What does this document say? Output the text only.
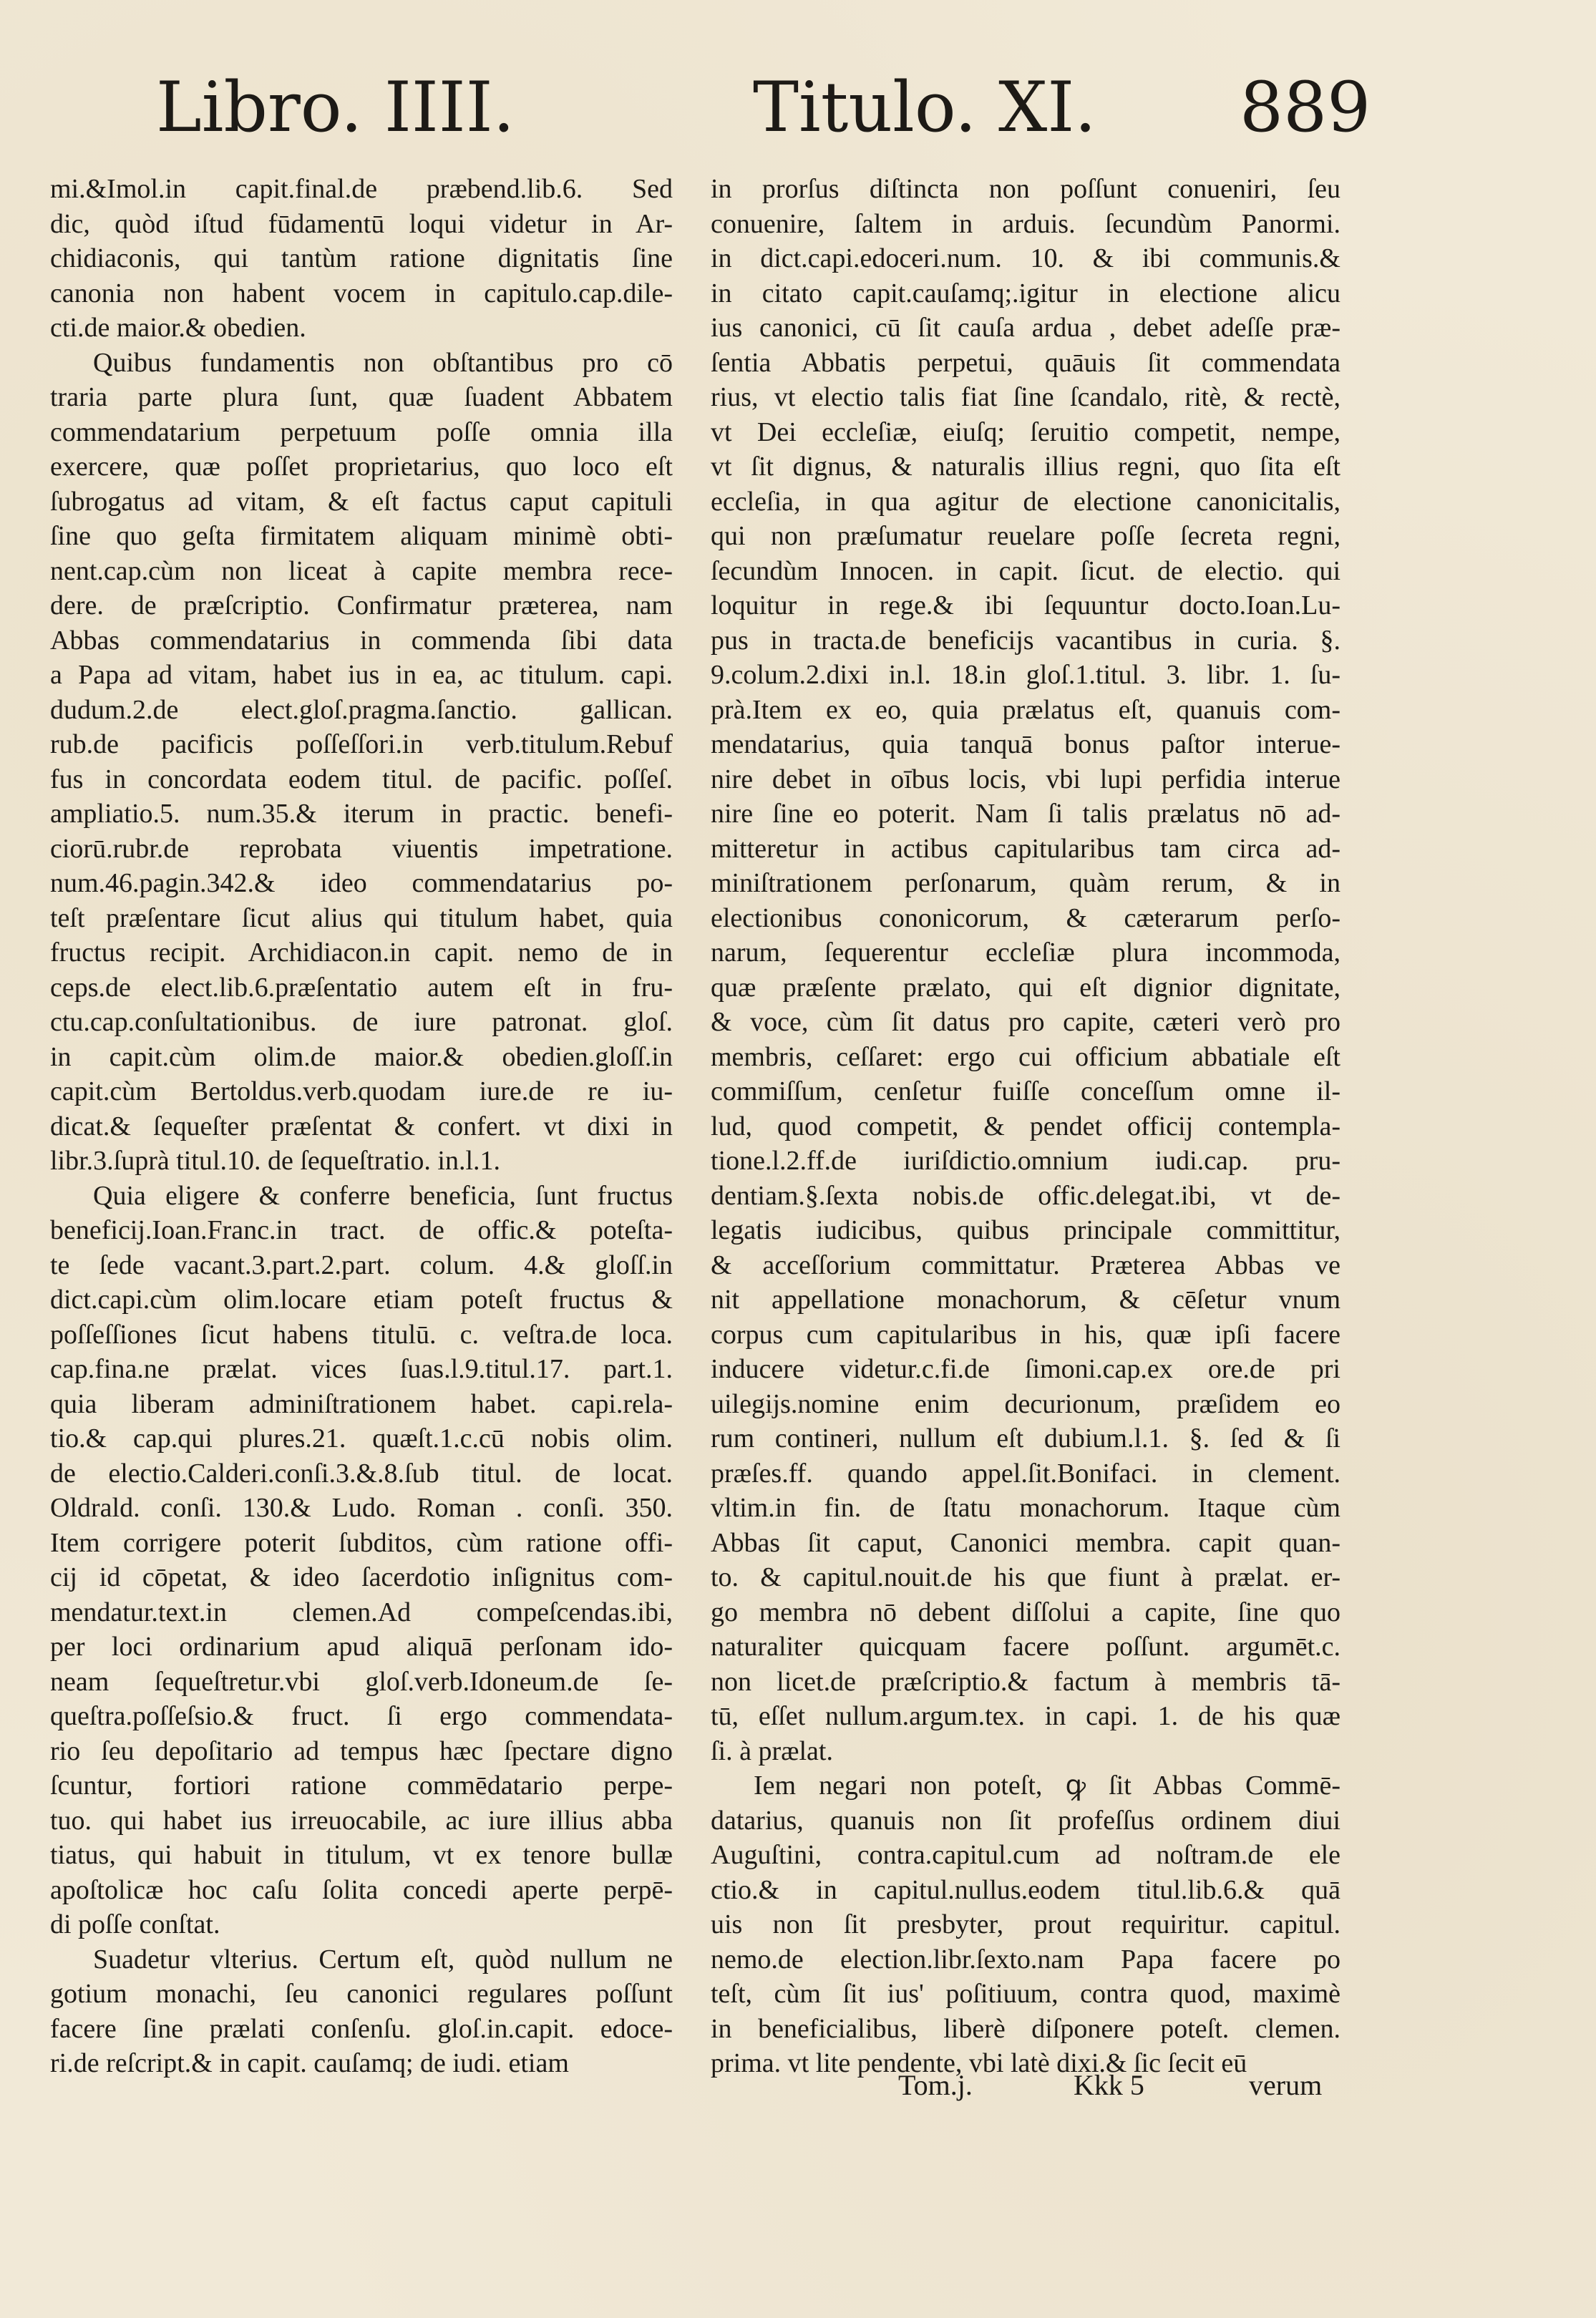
Libro. IIII.	Titulo. XI. 889
mi.&Imol.in capit.final.de præbend.lib.6. Sed
dic, quòd iſtud fūdamentū loqui videtur in Ar-
chidiaconis, qui tantùm ratione dignitatis ſine
canonia non habent vocem in capitulo.cap.dile-
cti.de maior.& obedien.
Quibus fundamentis non obſtantibus pro cō
traria parte plura ſunt, quæ ſuadent Abbatem
commendatarium perpetuum poſſe omnia illa
exercere, quæ poſſet proprietarius, quo loco eſt
ſubrogatus ad vitam, & eſt factus caput capituli
ſine quo geſta firmitatem aliquam minimè obti-
nent.cap.cùm non liceat à capite membra rece-
dere. de præſcriptio. Confirmatur præterea, nam
Abbas commendatarius in commenda ſibi data
a Papa ad vitam, habet ius in ea, ac titulum. capi.
dudum.2.de elect.gloſ.pragma.ſanctio. gallican.
rub.de pacificis poſſeſſori.in verb.titulum.Rebuf
fus in concordata eodem titul. de pacific. poſſeſ.
ampliatio.5. num.35.& iterum in practic. benefi-
ciorū.rubr.de reprobata viuentis impetratione.
num.46.pagin.342.& ideo commendatarius po-
teſt præſentare ſicut alius qui titulum habet, quia
fructus recipit. Archidiacon.in capit. nemo de in
ceps.de elect.lib.6.præſentatio autem eſt in fru-
ctu.cap.conſultationibus. de iure patronat. gloſ.
in capit.cùm olim.de maior.& obedien.gloſſ.in
capit.cùm Bertoldus.verb.quodam iure.de re iu-
dicat.& ſequeſter præſentat & confert. vt dixi in
libr.3.ſuprà titul.10. de ſequeſtratio. in.l.1.
Quia eligere & conferre beneficia, ſunt fructus
beneficij.Ioan.Franc.in tract. de offic.& poteſta-
te ſede vacant.3.part.2.part. colum. 4.& gloſſ.in
dict.capi.cùm olim.locare etiam poteſt fructus &
poſſeſſiones ſicut habens titulū. c. veſtra.de loca.
cap.fina.ne prælat. vices ſuas.l.9.titul.17. part.1.
quia liberam adminiſtrationem habet. capi.rela-
tio.& cap.qui plures.21. quæſt.1.c.cū nobis olim.
de electio.Calderi.conſi.3.&.8.ſub titul. de locat.
Oldrald. conſi. 130.& Ludo. Roman . conſi. 350.
Item corrigere poterit ſubditos, cùm ratione offi-
cij id cōpetat, & ideo ſacerdotio inſignitus com-
mendatur.text.in clemen.Ad compeſcendas.ibi,
per loci ordinarium apud aliquā perſonam ido-
neam ſequeſtretur.vbi gloſ.verb.Idoneum.de ſe-
queſtra.poſſeſsio.& fruct. ſi ergo commendata-
rio ſeu depoſitario ad tempus hæc ſpectare digno
ſcuntur, fortiori ratione commēdatario perpe-
tuo. qui habet ius irreuocabile, ac iure illius abba
tiatus, qui habuit in titulum, vt ex tenore bullæ
apoſtolicæ hoc caſu ſolita concedi aperte perpē-
di poſſe conſtat.
Suadetur vlterius. Certum eſt, quòd nullum ne
gotium monachi, ſeu canonici regulares poſſunt
facere ſine prælati conſenſu. gloſ.in.capit. edoce-
ri.de reſcript.& in capit. cauſamq; de iudi. etiam
in prorſus diſtincta non poſſunt conueniri, ſeu
conuenire, ſaltem in arduis. ſecundùm Panormi.
in dict.capi.edoceri.num. 10. & ibi communis.&
in citato capit.cauſamq;.igitur in electione alicu
ius canonici, cū ſit cauſa ardua , debet adeſſe præ-
ſentia Abbatis perpetui, quāuis ſit commendata
rius, vt electio talis fiat ſine ſcandalo, ritè, & rectè,
vt Dei eccleſiæ, eiuſq; ſeruitio competit, nempe,
vt ſit dignus, & naturalis illius regni, quo ſita eſt
eccleſia, in qua agitur de electione canonicitalis,
qui non præſumatur reuelare poſſe ſecreta regni,
ſecundùm Innocen. in capit. ſicut. de electio. qui
loquitur in rege.& ibi ſequuntur docto.Ioan.Lu-
pus in tracta.de beneficijs vacantibus in curia. §.
9.colum.2.dixi in.l. 18.in gloſ.1.titul. 3. libr. 1. ſu-
prà.Item ex eo, quia prælatus eſt, quanuis com-
mendatarius, quia tanquā bonus paſtor interue-
nire debet in oībus locis, vbi lupi perfidia interue
nire ſine eo poterit. Nam ſi talis prælatus nō ad-
mitteretur in actibus capitularibus tam circa ad-
miniſtrationem perſonarum, quàm rerum, & in
electionibus cononicorum, & cæterarum perſo-
narum, ſequerentur eccleſiæ plura incommoda,
quæ præſente prælato, qui eſt dignior dignitate,
& voce, cùm ſit datus pro capite, cæteri verò pro
membris, ceſſaret: ergo cui officium abbatiale eſt
commiſſum, cenſetur fuiſſe conceſſum omne il-
lud, quod competit, & pendet officij contempla-
tione.l.2.ff.de iuriſdictio.omnium iudi.cap. pru-
dentiam.§.ſexta nobis.de offic.delegat.ibi, vt de-
legatis iudicibus, quibus principale committitur,
& acceſſorium committatur. Præterea Abbas ve
nit appellatione monachorum, & cēſetur vnum
corpus cum capitularibus in his, quæ ipſi facere
inducere videtur.c.fi.de ſimoni.cap.ex ore.de pri
uilegijs.nomine enim decurionum, præſidem eo
rum contineri, nullum eſt dubium.l.1. §. ſed & ſi
præſes.ff. quando appel.ſit.Bonifaci. in clement.
vltim.in fin. de ſtatu monachorum. Itaque cùm
Abbas ſit caput, Canonici membra. capit quan-
to. & capitul.nouit.de his que fiunt à prælat. er-
go membra nō debent diſſolui a capite, ſine quo
naturaliter quicquam facere poſſunt. argumēt.c.
non licet.de præſcriptio.& factum à membris tā-
tū, eſſet nullum.argum.tex. in capi. 1. de his quæ
ſi. à prælat.
Iem negari non poteſt, ꝙ ſit Abbas Commē-
datarius, quanuis non ſit profeſſus ordinem diui
Auguſtini, contra.capitul.cum ad noſtram.de ele
ctio.& in capitul.nullus.eodem titul.lib.6.& quā
uis non ſit presbyter, prout requiritur. capitul.
nemo.de election.libr.ſexto.nam Papa facere po
teſt, cùm ſit ius' poſitiuum, contra quod, maximè
in beneficialibus, liberè diſponere poteſt. clemen.
prima. vt lite pendente, vbi latè dixi.& ſic ſecit eū
Tom.j.	Kkk 5	verum
